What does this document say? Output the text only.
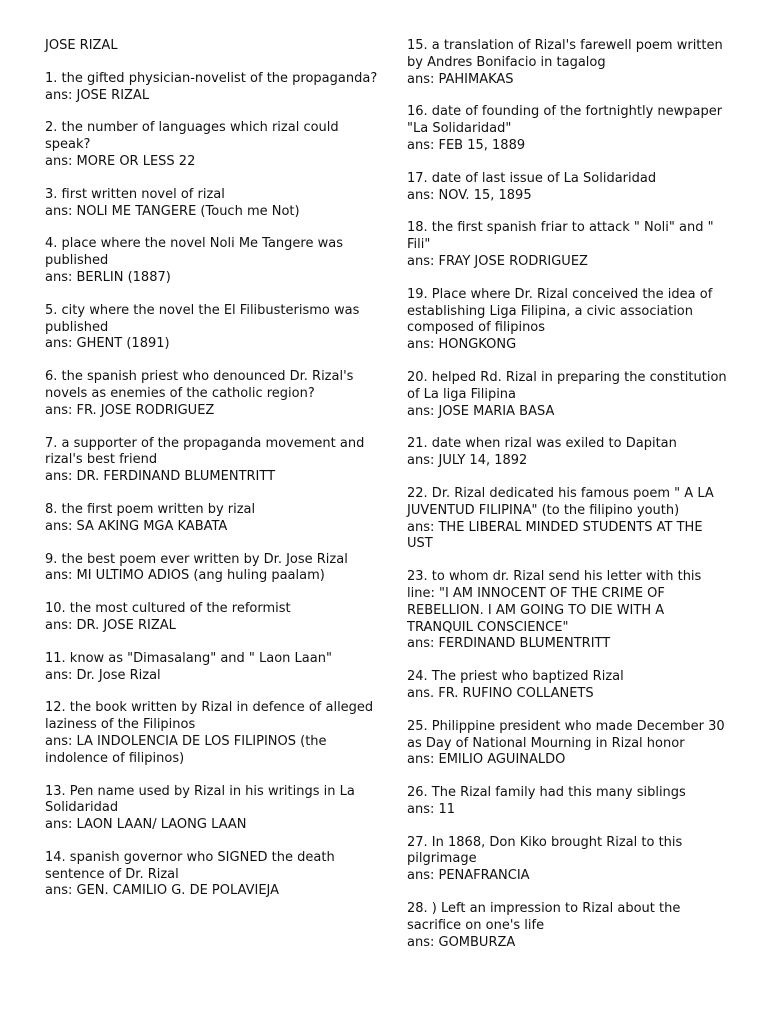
JOSE RIZAL
1. the gifted physician-novelist of the propaganda?
ans: JOSE RIZAL
2. the number of languages which rizal could speak?
ans: MORE OR LESS 22
3. first written novel of rizal
ans: NOLI ME TANGERE (Touch me Not)
4. place where the novel Noli Me Tangere was published
ans: BERLIN (1887)
5. city where the novel the El Filibusterismo was published
ans: GHENT (1891)
6. the spanish priest who denounced Dr. Rizal's novels as enemies of the catholic region?
ans: FR. JOSE RODRIGUEZ
7. a supporter of the propaganda movement and rizal's best friend
ans: DR. FERDINAND BLUMENTRITT
8. the first poem written by rizal
ans: SA AKING MGA KABATA
9. the best poem ever written by Dr. Jose Rizal
ans: MI ULTIMO ADIOS (ang huling paalam)
10. the most cultured of the reformist
ans: DR. JOSE RIZAL
11. know as "Dimasalang" and " Laon Laan"
ans: Dr. Jose Rizal
12. the book written by Rizal in defence of alleged laziness of the Filipinos
ans: LA INDOLENCIA DE LOS FILIPINOS (the indolence of filipinos)
13. Pen name used by Rizal in his writings in La Solidaridad
ans: LAON LAAN/ LAONG LAAN
14. spanish governor who SIGNED the death sentence of Dr. Rizal
ans: GEN. CAMILIO G. DE POLAVIEJA
15. a translation of Rizal's farewell poem written by Andres Bonifacio in tagalog
ans: PAHIMAKAS
16. date of founding of the fortnightly newpaper "La Solidaridad"
ans: FEB 15, 1889
17. date of last issue of La Solidaridad
ans: NOV. 15, 1895
18. the first spanish friar to attack " Noli" and " Fili"
ans: FRAY JOSE RODRIGUEZ
19. Place where Dr. Rizal conceived the idea of establishing Liga Filipina, a civic association composed of filipinos
ans: HONGKONG
20. helped Rd. Rizal in preparing the constitution of La liga Filipina
ans: JOSE MARIA BASA
21. date when rizal was exiled to Dapitan
ans: JULY 14, 1892
22. Dr. Rizal dedicated his famous poem " A LA JUVENTUD FILIPINA" (to the filipino youth)
ans: THE LIBERAL MINDED STUDENTS AT THE UST
23. to whom dr. Rizal send his letter with this line: "I AM INNOCENT OF THE CRIME OF REBELLION. I AM GOING TO DIE WITH A TRANQUIL CONSCIENCE"
ans: FERDINAND BLUMENTRITT
24. The priest who baptized Rizal
ans. FR. RUFINO COLLANETS
25. Philippine president who made December 30 as Day of National Mourning in Rizal honor
ans: EMILIO AGUINALDO
26. The Rizal family had this many siblings
ans: 11
27. In 1868, Don Kiko brought Rizal to this pilgrimage
ans: PENAFRANCIA
28. ) Left an impression to Rizal about the sacrifice on one's life
ans: GOMBURZA
